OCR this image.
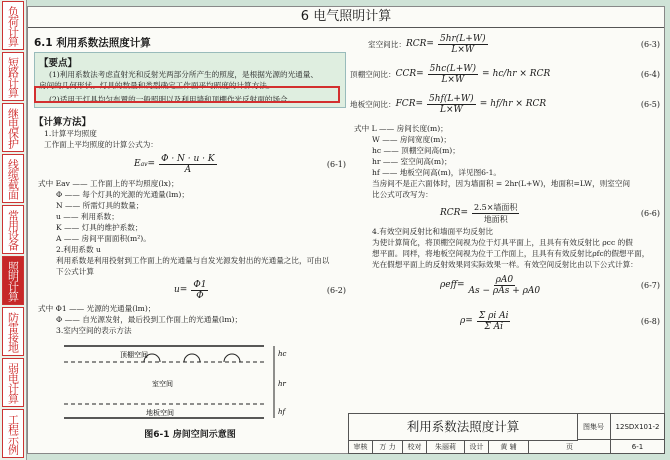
负荷计算
短路计算
继电保护
线缆截面
常用设备
照明计算
防雷接地
弱电计算
工程示例
6 电气照明计算
6.1 利用系数法照度计算
【要点】
(1)利用系数法考虑直射光和反射光两部分所产生的照度，是根据光源的光通量、
房间的几何形状、灯具的数量和类型确定工作面平均照度的计算方法。
(2)适用于灯具均匀布置的一般照明以及利用墙和顶棚作光反射面的场合。
【计算方法】
1.计算平均照度
工作面上平均照度的计算公式为：
E av = $\frac{\Phi \cdot N \cdot u \cdot K}{A}$	(6-1)
式中 Eav —— 工作面上的平均照度(lx)；
Φ —— 每个灯具的光源的光通量(lm)；
N —— 所需灯具的数量；
u —— 利用系数；
K —— 灯具的维护系数；
A —— 房间平面面积(m²)。
2.利用系数 u
利用系数是利用投射到工作面上的光通量与自发光源发射出的光通量之比，可由以
下公式计算
$u = \frac{\Phi 1}{\Phi}$	(6-2)
式中 Φ1 —— 光源的光通量(lm)；
Φ —— 自光源发射，最后投到工作面上的光通量(lm)；
3.室内空间的表示方法
顶棚空间
室空间
地板空间
hc
hr
hf
图6-1 房间空间示意图
室空间比： RCR = $\frac{5hr(L+W)}{L\times W}$	(6-3)
顶棚空间比： CCR = $\frac{5hc(L+W)}{L\times W} = hc/hr$ × RCR	(6-4)
地板空间比： FCR = $\frac{5hf(L+W)}{L\times W} = hf/hr$ × RCR	(6-5)
式中 L —— 房间长度(m)；
W —— 房间宽度(m)；
hc —— 顶棚空间高(m)；
hr —— 室空间高(m)；
hf —— 地板空间高(m)，详见图6-1。
当房间不是正六面体时，因为墙面积 = 2hr(L+W)，地面积=LW，则室空间
比公式可改写为：
RCR = $\frac{\text{2.5×墙面积}}{\text{地面积}}$	(6-6)
4.有效空间反射比和墙面平均反射比
为使计算简化，将顶棚空间视为位于灯具平面上，且具有有效反射比 ρcc 的假
想平面。同样，将地板空间视为位于工作面上，且具有有效反射比ρfc的假想平面，
光在假想平面上的反射效果同实际效果一样。有效空间反射比由以下公式计算：
$\rho eff = \frac{\rho A0}{\text{As − ρAs + ρA0}}$	(6-7)
$\rho = \frac{\text{Σ ρi Ai}}{\text{Σ Ai}}$	(6-8)
利用系数法照度计算	图集号	12SDX101-2
审核	万 力	校对	朱丽莉	设计	黄 辅	页	6-1
